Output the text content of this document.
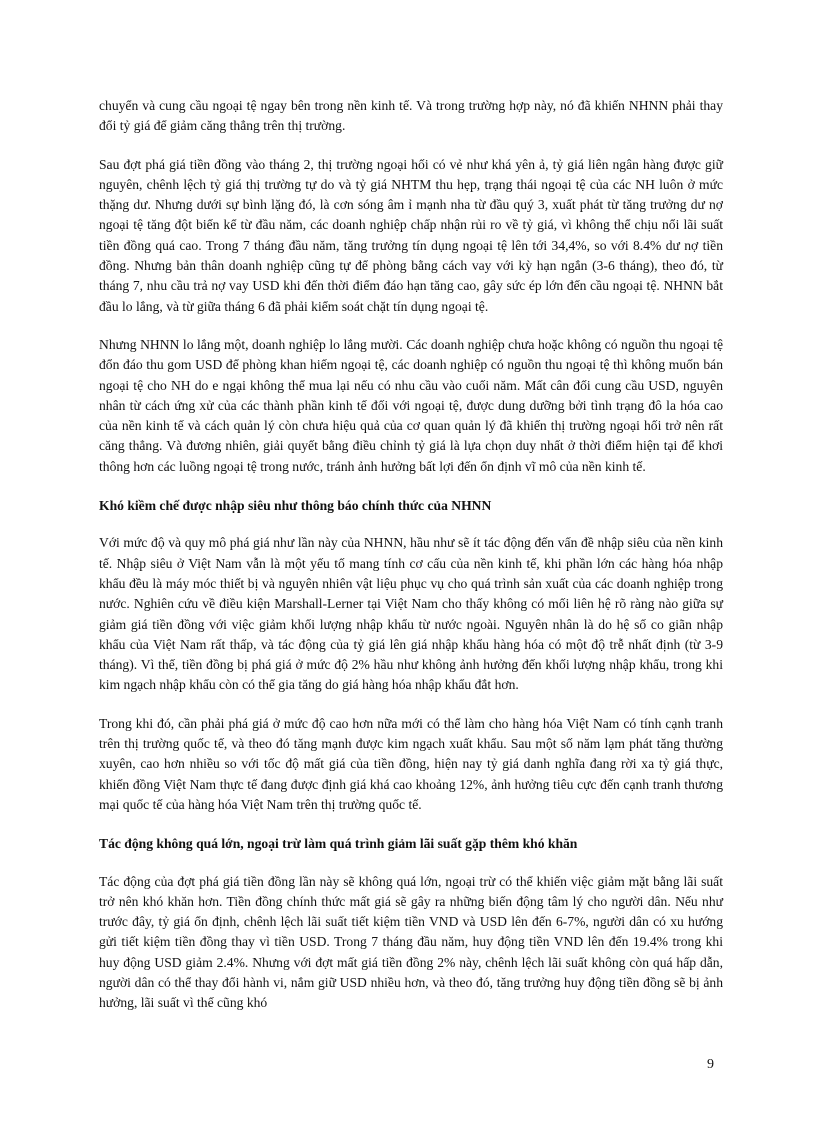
chuyển và cung cầu ngoại tệ ngay bên trong nền kinh tế. Và trong trường hợp này, nó đã khiến NHNN phải thay đổi tỷ giá để giảm căng thẳng trên thị trường.

Sau đợt phá giá tiền đồng vào tháng 2, thị trường ngoại hối có vẻ như khá yên ả, tỷ giá liên ngân hàng được giữ nguyên, chênh lệch tỷ giá thị trường tự do và tỷ giá NHTM thu hẹp, trạng thái ngoại tệ của các NH luôn ở mức thặng dư. Nhưng dưới sự bình lặng đó, là cơn sóng âm ỉ mạnh nha từ đầu quý 3, xuất phát từ tăng trưởng dư nợ ngoại tệ tăng đột biến kể từ đầu năm, các doanh nghiệp chấp nhận rủi ro về tỷ giá, vì không thể chịu nổi lãi suất tiền đồng quá cao. Trong 7 tháng đầu năm, tăng trưởng tín dụng ngoại tệ lên tới 34,4%, so với 8.4% dư nợ tiền đồng. Nhưng bản thân doanh nghiệp cũng tự để phòng bằng cách vay với kỳ hạn ngắn (3-6 tháng), theo đó, từ tháng 7, nhu cầu trả nợ vay USD khi đến thời điểm đáo hạn tăng cao, gây sức ép lớn đến cầu ngoại tệ. NHNN bắt đầu lo lắng, và từ giữa tháng 6 đã phải kiểm soát chặt tín dụng ngoại tệ.

Nhưng NHNN lo lắng một, doanh nghiệp lo lắng mười. Các doanh nghiệp chưa hoặc không có nguồn thu ngoại tệ đổn đáo thu gom USD để phòng khan hiếm ngoại tệ, các doanh nghiệp có nguồn thu ngoại tệ thì không muốn bán ngoại tệ cho NH do e ngại không thể mua lại nếu có nhu cầu vào cuối năm. Mất cân đối cung cầu USD, nguyên nhân từ cách ứng xử của các thành phần kinh tế đối với ngoại tệ, được dung dưỡng bởi tình trạng đô la hóa cao của nền kinh tế và cách quản lý còn chưa hiệu quả của cơ quan quản lý đã khiến thị trường ngoại hối trở nên rất căng thẳng. Và đương nhiên, giải quyết bằng điều chỉnh tỷ giá là lựa chọn duy nhất ở thời điểm hiện tại để khơi thông hơn các luồng ngoại tệ trong nước, tránh ảnh hưởng bất lợi đến ổn định vĩ mô của nền kinh tế.

Khó kiềm chế được nhập siêu như thông báo chính thức của NHNN

Với mức độ và quy mô phá giá như lần này của NHNN, hầu như sẽ ít tác động đến vấn đề nhập siêu của nền kinh tế. Nhập siêu ở Việt Nam vẫn là một yếu tố mang tính cơ cấu của nền kinh tế, khi phần lớn các hàng hóa nhập khẩu đều là máy móc thiết bị và nguyên nhiên vật liệu phục vụ cho quá trình sản xuất của các doanh nghiệp trong nước. Nghiên cứu về điều kiện Marshall-Lerner tại Việt Nam cho thấy không có mối liên hệ rõ ràng nào giữa sự giảm giá tiền đồng với việc giảm khối lượng nhập khẩu từ nước ngoài. Nguyên nhân là do hệ số co giãn nhập khẩu của Việt Nam rất thấp, và tác động của tỷ giá lên giá nhập khẩu hàng hóa có một độ trễ nhất định (từ 3-9 tháng). Vì thế, tiền đồng bị phá giá ở mức độ 2% hầu như không ảnh hưởng đến khối lượng nhập khẩu, trong khi kim ngạch nhập khẩu còn có thể gia tăng do giá hàng hóa nhập khẩu đắt hơn.

Trong khi đó, cần phải phá giá ở mức độ cao hơn nữa mới có thể làm cho hàng hóa Việt Nam có tính cạnh tranh trên thị trường quốc tế, và theo đó tăng mạnh được kim ngạch xuất khẩu. Sau một số năm lạm phát tăng thường xuyên, cao hơn nhiều so với tốc độ mất giá của tiền đồng, hiện nay tỷ giá danh nghĩa đang rời xa tỷ giá thực, khiến đồng Việt Nam thực tế đang được định giá khá cao khoảng 12%, ảnh hưởng tiêu cực đến cạnh tranh thương mại quốc tế của hàng hóa Việt Nam trên thị trường quốc tế.

Tác động không quá lớn, ngoại trừ làm quá trình giảm lãi suất gặp thêm khó khăn

Tác động của đợt phá giá tiền đồng lần này sẽ không quá lớn, ngoại trừ có thể khiến việc giảm mặt bằng lãi suất trở nên khó khăn hơn. Tiền đồng chính thức mất giá sẽ gây ra những biến động tâm lý cho người dân. Nếu như trước đây, tỷ giá ổn định, chênh lệch lãi suất tiết kiệm tiền VND và USD lên đến 6-7%, người dân có xu hướng gửi tiết kiệm tiền đồng thay vì tiền USD. Trong 7 tháng đầu năm, huy động tiền VND lên đến 19.4% trong khi huy động USD giảm 2.4%. Nhưng với đợt mất giá tiền đồng 2% này, chênh lệch lãi suất không còn quá hấp dẫn, người dân có thể thay đổi hành vi, nắm giữ USD nhiều hơn, và theo đó, tăng trưởng huy động tiền đồng sẽ bị ảnh hưởng, lãi suất vì thế cũng khó

9
